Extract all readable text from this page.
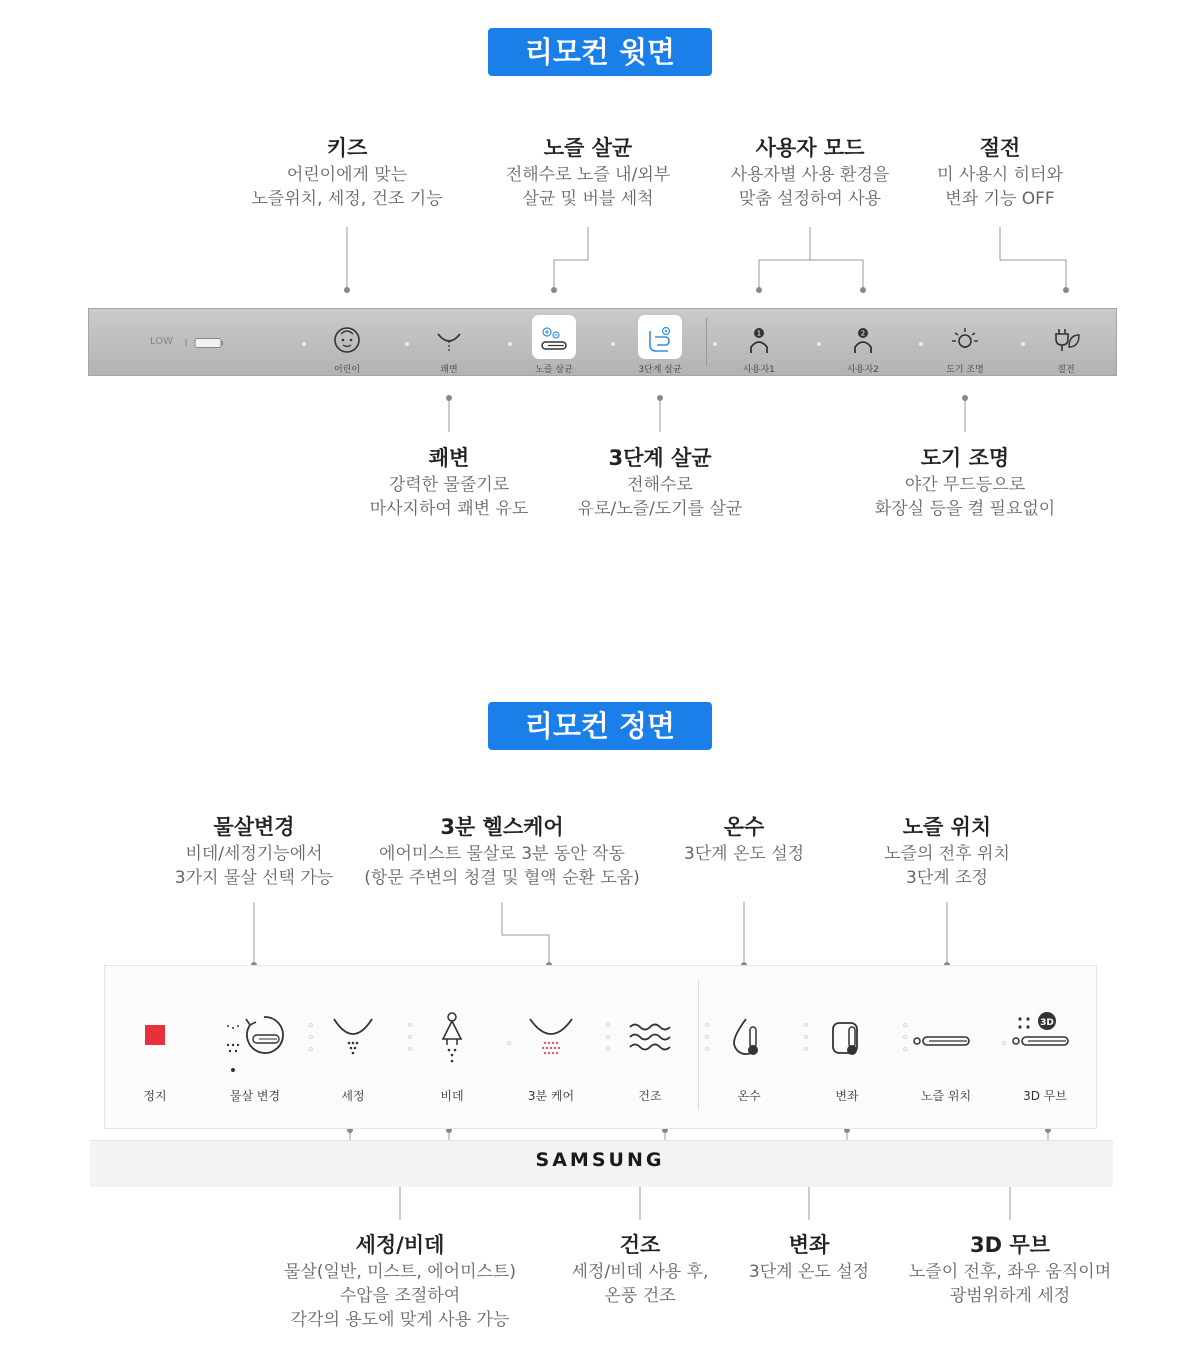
리모컨 윗면
키즈
어린이에게 맞는
노즐위치, 세정, 건조 기능
노즐 살균
전해수로 노즐 내/외부
살균 및 버블 세척
사용자 모드
사용자별 사용 환경을
맞춤 설정하여 사용
절전
미 사용시 히터와
변좌 기능 OFF
LOW
어린이	쾌변	노즐 살균	3단계 살균
1
사용자1
2
사용자2	도기 조명	절전
쾌변
강력한 물줄기로
마사지하여 쾌변 유도
3단계 살균
전해수로
유로/노즐/도기를 살균
도기 조명
야간 무드등으로
화장실 등을 켤 필요없이
리모컨 정면
물살변경
비데/세정기능에서
3가지 물살 선택 가능
3분 헬스케어
에어미스트 물살로 3분 동안 작동
(항문 주변의 청결 및 혈액 순환 도움)
온수
3단계 온도 설정
노즐 위치
노즐의 전후 위치
3단계 조정
SAMSUNG
정지	물살 변경	세정	비데	3분 케어	건조	온수	변좌	노즐 위치
3D
3D 무브
세정/비데
물살(일반, 미스트, 에어미스트)
수압을 조절하여
각각의 용도에 맞게 사용 가능
건조
세정/비데 사용 후,
온풍 건조
변좌
3단계 온도 설정
3D 무브
노즐이 전후, 좌우 움직이며
광범위하게 세정
